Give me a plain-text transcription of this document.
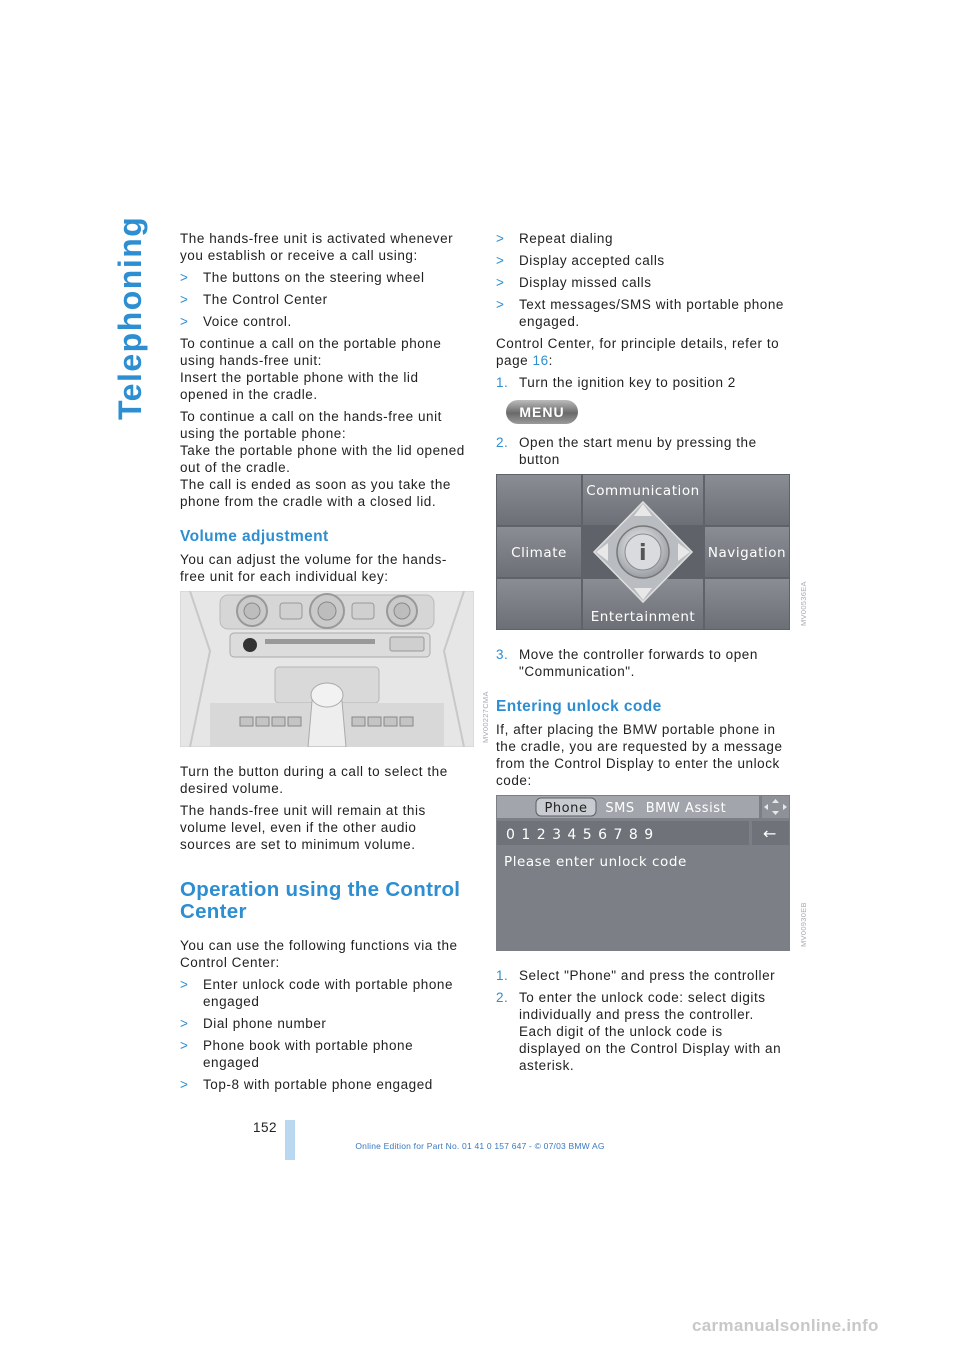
Telephoning The hands-free unit is activated whenever you establish or receive a call using:

>	The buttons on the steering wheel
>	The Control Center
>	Voice control.

To continue a call on the portable phone using hands-free unit:
Insert the portable phone with the lid opened in the cradle.

To continue a call on the hands-free unit using the portable phone:
Take the portable phone with the lid opened out of the cradle.
The call is ended as soon as you take the phone from the cradle with a closed lid.

Volume adjustment

You can adjust the volume for the hands-free unit for each individual key:

MV00227CMA

Turn the button during a call to select the desired volume.

The hands-free unit will remain at this volume level, even if the other audio sources are set to minimum volume.

Operation using the Control Center

You can use the following functions via the Control Center:

>	Enter unlock code with portable phone engaged
>	Dial phone number
>	Phone book with portable phone engaged
>	Top-8 with portable phone engaged
>	Repeat dialing
>	Display accepted calls
>	Display missed calls
>	Text messages/SMS with portable phone engaged.

Control Center, for principle details, refer to page 16:

1. Turn the ignition key to position 2
MENU
2. Open the start menu by pressing the button
i
Communication
Climate	Navigation
Entertainment	MV00536EA
3. Move the controller forwards to open "Communication".
Entering unlock code

If, after placing the BMW portable phone in the cradle, you are requested by a message from the Control Display to enter the unlock code:

Phone SMS BMW Assist
0 1 2 3 4 5 6 7 8 9	←
Please enter unlock code
MV00930EB
1. Select "Phone" and press the controller
2. To enter the unlock code: select digits individually and press the controller. Each digit of the unlock code is displayed on the Control Display with an asterisk.
152
Online Edition for Part No. 01 41 0 157 647 - © 07/03 BMW AG
carmanualsonline.info
